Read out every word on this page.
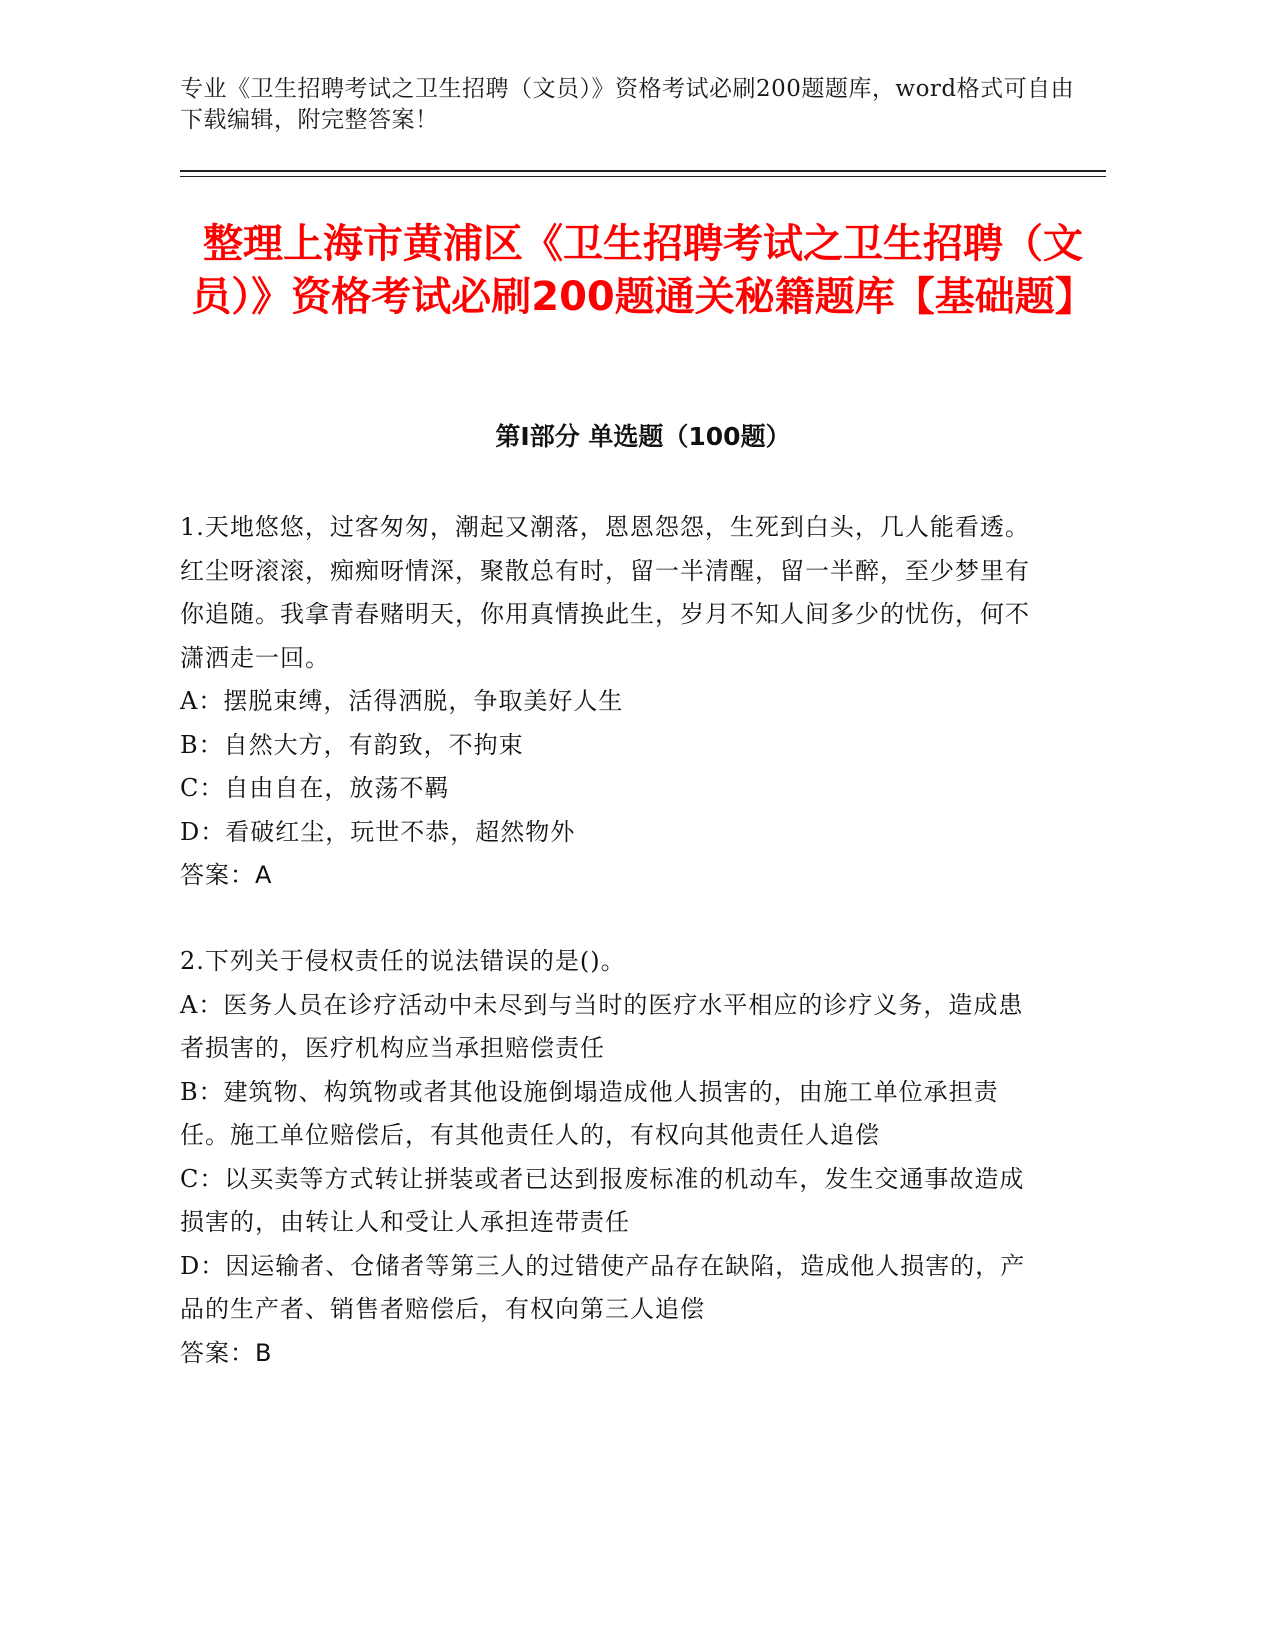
专业《卫生招聘考试之卫生招聘（文员）》资格考试必刷200题题库，word格式可自由下载编辑，附完整答案！
整理上海市黄浦区《卫生招聘考试之卫生招聘（文员）》资格考试必刷200题通关秘籍题库【基础题】
第I部分 单选题（100题）

1.天地悠悠，过客匆匆，潮起又潮落，恩恩怨怨，生死到白头，几人能看透。红尘呀滚滚，痴痴呀情深，聚散总有时，留一半清醒，留一半醉，至少梦里有你追随。我拿青春赌明天，你用真情换此生，岁月不知人间多少的忧伤，何不潇洒走一回。

A：摆脱束缚，活得洒脱，争取美好人生

B：自然大方，有韵致，不拘束

C：自由自在，放荡不羁

D：看破红尘，玩世不恭，超然物外

答案：A

2.下列关于侵权责任的说法错误的是()。

A：医务人员在诊疗活动中未尽到与当时的医疗水平相应的诊疗义务，造成患者损害的，医疗机构应当承担赔偿责任

B：建筑物、构筑物或者其他设施倒塌造成他人损害的，由施工单位承担责任。施工单位赔偿后，有其他责任人的，有权向其他责任人追偿

C：以买卖等方式转让拼装或者已达到报废标准的机动车，发生交通事故造成损害的，由转让人和受让人承担连带责任

D：因运输者、仓储者等第三人的过错使产品存在缺陷，造成他人损害的，产品的生产者、销售者赔偿后，有权向第三人追偿

答案：B
